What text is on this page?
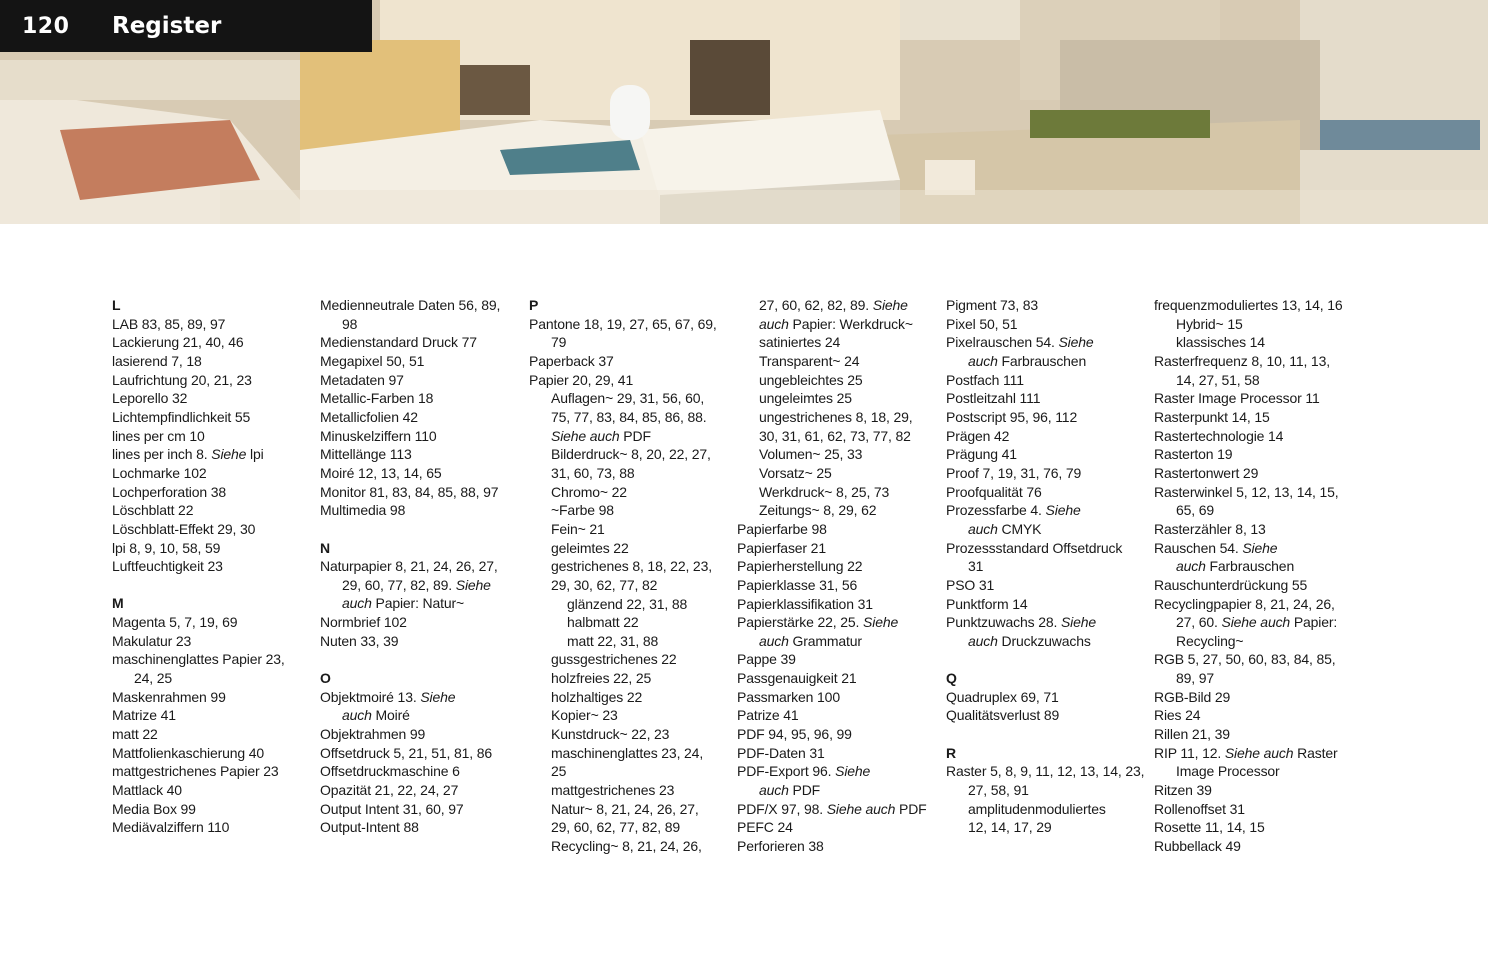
120	Register
L
LAB 83, 85, 89, 97
Lackierung 21, 40, 46
lasierend 7, 18
Laufrichtung 20, 21, 23
Leporello 32
Lichtempfindlichkeit 55
lines per cm 10
lines per inch 8. Siehe lpi
Lochmarke 102
Lochperforation 38
Löschblatt 22
Löschblatt-Effekt 29, 30
lpi 8, 9, 10, 58, 59
Luftfeuchtigkeit 23
M
Magenta 5, 7, 19, 69
Makulatur 23
maschinenglattes Papier 23,
24, 25
Maskenrahmen 99
Matrize 41
matt 22
Mattfolienkaschierung 40
mattgestrichenes Papier 23
Mattlack 40
Media Box 99
Mediävalziffern 110
Medienneutrale Daten 56, 89,
98
Medienstandard Druck 77
Megapixel 50, 51
Metadaten 97
Metallic-Farben 18
Metallicfolien 42
Minuskelziffern 110
Mittellänge 113
Moiré 12, 13, 14, 65
Monitor 81, 83, 84, 85, 88, 97
Multimedia 98
N
Naturpapier 8, 21, 24, 26, 27,
29, 60, 77, 82, 89. Siehe
auch Papier: Natur~
Normbrief 102
Nuten 33, 39
O
Objektmoiré 13. Siehe
auch Moiré
Objektrahmen 99
Offsetdruck 5, 21, 51, 81, 86
Offsetdruckmaschine 6
Opazität 21, 22, 24, 27
Output Intent 31, 60, 97
Output-Intent 88
P
Pantone 18, 19, 27, 65, 67, 69,
79
Paperback 37
Papier 20, 29, 41
Auflagen~ 29, 31, 56, 60,
75, 77, 83, 84, 85, 86, 88.
Siehe auch PDF
Bilderdruck~ 8, 20, 22, 27,
31, 60, 73, 88
Chromo~ 22
~Farbe 98
Fein~ 21
geleimtes 22
gestrichenes 8, 18, 22, 23,
29, 30, 62, 77, 82
glänzend 22, 31, 88
halbmatt 22
matt 22, 31, 88
gussgestrichenes 22
holzfreies 22, 25
holzhaltiges 22
Kopier~ 23
Kunstdruck~ 22, 23
maschinenglattes 23, 24,
25
mattgestrichenes 23
Natur~ 8, 21, 24, 26, 27,
29, 60, 62, 77, 82, 89
Recycling~ 8, 21, 24, 26,
27, 60, 62, 82, 89. Siehe
auch Papier: Werkdruck~
satiniertes 24
Transparent~ 24
ungebleichtes 25
ungeleimtes 25
ungestrichenes 8, 18, 29,
30, 31, 61, 62, 73, 77, 82
Volumen~ 25, 33
Vorsatz~ 25
Werkdruck~ 8, 25, 73
Zeitungs~ 8, 29, 62
Papierfarbe 98
Papierfaser 21
Papierherstellung 22
Papierklasse 31, 56
Papierklassifikation 31
Papierstärke 22, 25. Siehe
auch Grammatur
Pappe 39
Passgenauigkeit 21
Passmarken 100
Patrize 41
PDF 94, 95, 96, 99
PDF-Daten 31
PDF-Export 96. Siehe
auch PDF
PDF/X 97, 98. Siehe auch PDF
PEFC 24
Perforieren 38
Pigment 73, 83
Pixel 50, 51
Pixelrauschen 54. Siehe
auch Farbrauschen
Postfach 111
Postleitzahl 111
Postscript 95, 96, 112
Prägen 42
Prägung 41
Proof 7, 19, 31, 76, 79
Proofqualität 76
Prozessfarbe 4. Siehe
auch CMYK
Prozessstandard Offsetdruck
31
PSO 31
Punktform 14
Punktzuwachs 28. Siehe
auch Druckzuwachs
Q
Quadruplex 69, 71
Qualitätsverlust 89
R
Raster 5, 8, 9, 11, 12, 13, 14, 23,
27, 58, 91
amplitudenmoduliertes
12, 14, 17, 29
frequenzmoduliertes 13, 14, 16
Hybrid~ 15
klassisches 14
Rasterfrequenz 8, 10, 11, 13,
14, 27, 51, 58
Raster Image Processor 11
Rasterpunkt 14, 15
Rastertechnologie 14
Rasterton 19
Rastertonwert 29
Rasterwinkel 5, 12, 13, 14, 15,
65, 69
Rasterzähler 8, 13
Rauschen 54. Siehe
auch Farbrauschen
Rauschunterdrückung 55
Recyclingpapier 8, 21, 24, 26,
27, 60. Siehe auch Papier:
Recycling~
RGB 5, 27, 50, 60, 83, 84, 85,
89, 97
RGB-Bild 29
Ries 24
Rillen 21, 39
RIP 11, 12. Siehe auch Raster
Image Processor
Ritzen 39
Rollenoffset 31
Rosette 11, 14, 15
Rubbellack 49
